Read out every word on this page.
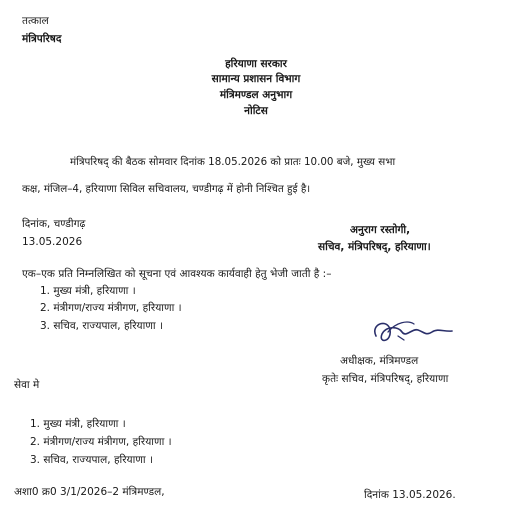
तत्काल
मंत्रिपरिषद
हरियाणा सरकार
सामान्य प्रशासन विभाग
मंत्रिमण्डल अनुभाग
नोटिस
मंत्रिपरिषद् की बैठक सोमवार दिनांक 18.05.2026 को प्रातः 10.00 बजे, मुख्य सभा
कक्ष, मंजिल–4, हरियाणा सिविल सचिवालय, चण्डीगढ़ में होनी निश्चित हुई है।
दिनांक, चण्डीगढ़
13.05.2026
अनुराग रस्तोगी,
सचिव, मंत्रिपरिषद्, हरियाणा।
एक–एक प्रति निम्नलिखित को सूचना एवं आवश्यक कार्यवाही हेतु भेजी जाती है :–
1. मुख्य मंत्री, हरियाणा ।
2. मंत्रीगण/राज्य मंत्रीगण, हरियाणा ।
3. सचिव, राज्यपाल, हरियाणा ।
अधीक्षक, मंत्रिमण्डल
कृतेः सचिव, मंत्रिपरिषद्, हरियाणा
सेवा मे
1. मुख्य मंत्री, हरियाणा ।
2. मंत्रीगण/राज्य मंत्रीगण, हरियाणा ।
3. सचिव, राज्यपाल, हरियाणा ।
अशा0 क्र0 3/1/2026–2 मंत्रिमण्डल,	दिनांक 13.05.2026.
